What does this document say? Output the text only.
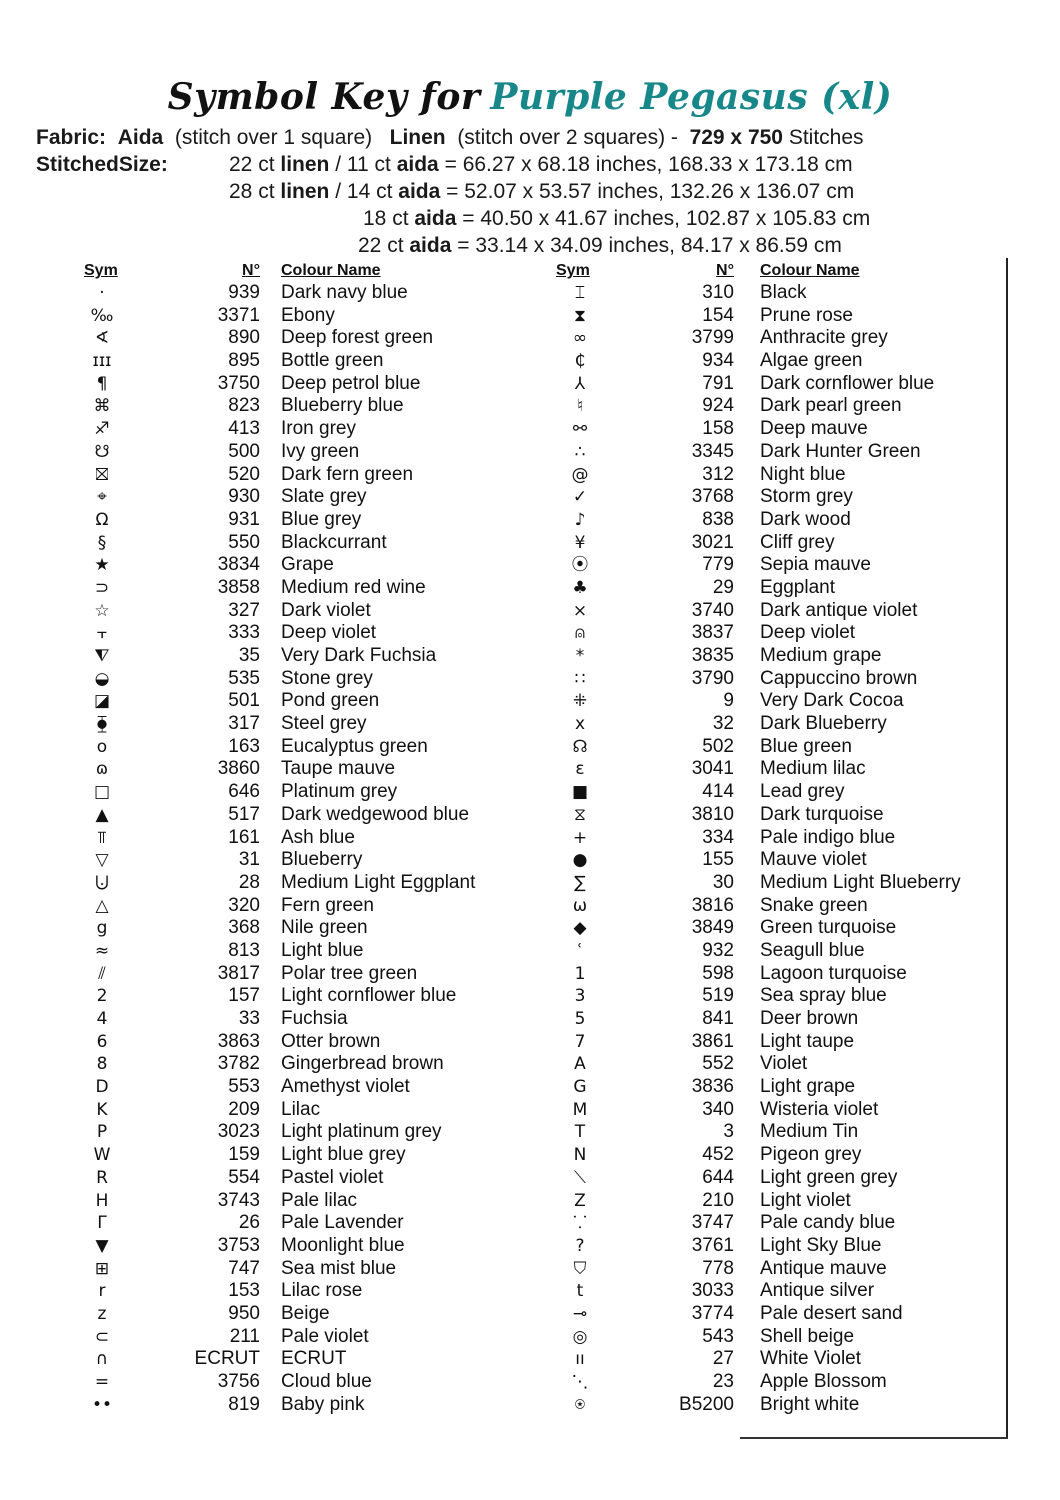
Symbol Key for Purple Pegasus (xl)
Fabric: Aida (stitch over 1 square) Linen (stitch over 2 squares) - 729 x 750 Stitches
StitchedSize:	22 ct linen / 11 ct aida = 66.27 x 68.18 inches, 168.33 x 173.18 cm
28 ct linen / 14 ct aida = 52.07 x 53.57 inches, 132.26 x 136.07 cm
18 ct aida = 40.50 x 41.67 inches, 102.87 x 105.83 cm
22 ct aida = 33.14 x 34.09 inches, 84.17 x 86.59 cm
Sym	N° Colour Name
·	939 Dark navy blue
‰	3371 Ebony
∢	890 Deep forest green
ɪɪɪ	895 Bottle green
¶	3750 Deep petrol blue
⌘	823 Blueberry blue
♐	413 Iron grey
☋	500 Ivy green
⛝	520 Dark fern green
⌖	930 Slate grey
Ω	931 Blue grey
§	550 Blackcurrant
★	3834 Grape
⊃	3858 Medium red wine
☆	327 Dark violet
⫟	333 Deep violet
⧨	35 Very Dark Fuchsia
◒	535 Stone grey
◪	501 Pond green
⧳	317 Steel grey
o	163 Eucalyptus green
ɷ	3860 Taupe mauve
□	646 Platinum grey
▲	517 Dark wedgewood blue
⫪	161 Ash blue
▽	31 Blueberry
⨃	28 Medium Light Eggplant
△	320 Fern green
g	368 Nile green
≈	813 Light blue
⫽	3817 Polar tree green
2	157 Light cornflower blue
4	33 Fuchsia
6	3863 Otter brown
8	3782 Gingerbread brown
D	553 Amethyst violet
K	209 Lilac
P	3023 Light platinum grey
W	159 Light blue grey
R	554 Pastel violet
H	3743 Pale lilac
Γ	26 Pale Lavender
▼	3753 Moonlight blue
⊞	747 Sea mist blue
r	153 Lilac rose
z	950 Beige
⊂	211 Pale violet
∩	ECRUT ECRUT
=	3756 Cloud blue
••	819 Baby pink
Sym	N° Colour Name
⌶	310 Black
⧗	154 Prune rose
∞	3799 Anthracite grey
₵	934 Algae green
⅄	791 Dark cornflower blue
♮	924 Dark pearl green
⚯	158 Deep mauve
∴	3345 Dark Hunter Green
@	312 Night blue
✓	3768 Storm grey
♪	838 Dark wood
¥	3021 Cliff grey
⦿	779 Sepia mauve
♣	29 Eggplant
×	3740 Dark antique violet
⍝	3837 Deep violet
*	3835 Medium grape
∷	3790 Cappuccino brown
⁜	9 Very Dark Cocoa
x	32 Dark Blueberry
☊	502 Blue green
ε	3041 Medium lilac
■	414 Lead grey
⧖	3810 Dark turquoise
+	334 Pale indigo blue
●	155 Mauve violet
∑	30 Medium Light Blueberry
ω	3816 Snake green
◆	3849 Green turquoise
ʿ	932 Seagull blue
1	598 Lagoon turquoise
3	519 Sea spray blue
5	841 Deer brown
7	3861 Light taupe
A	552 Violet
G	3836 Light grape
M	340 Wisteria violet
T	3 Medium Tin
N	452 Pigeon grey
⟍	644 Light green grey
Z	210 Light violet
⸪	3747 Pale candy blue
?	3761 Light Sky Blue
⛉	778 Antique mauve
t	3033 Antique silver
⊸	3774 Pale desert sand
◎	543 Shell beige
ıı	27 White Violet
⋱	23 Apple Blossom
⍟	B5200 Bright white
